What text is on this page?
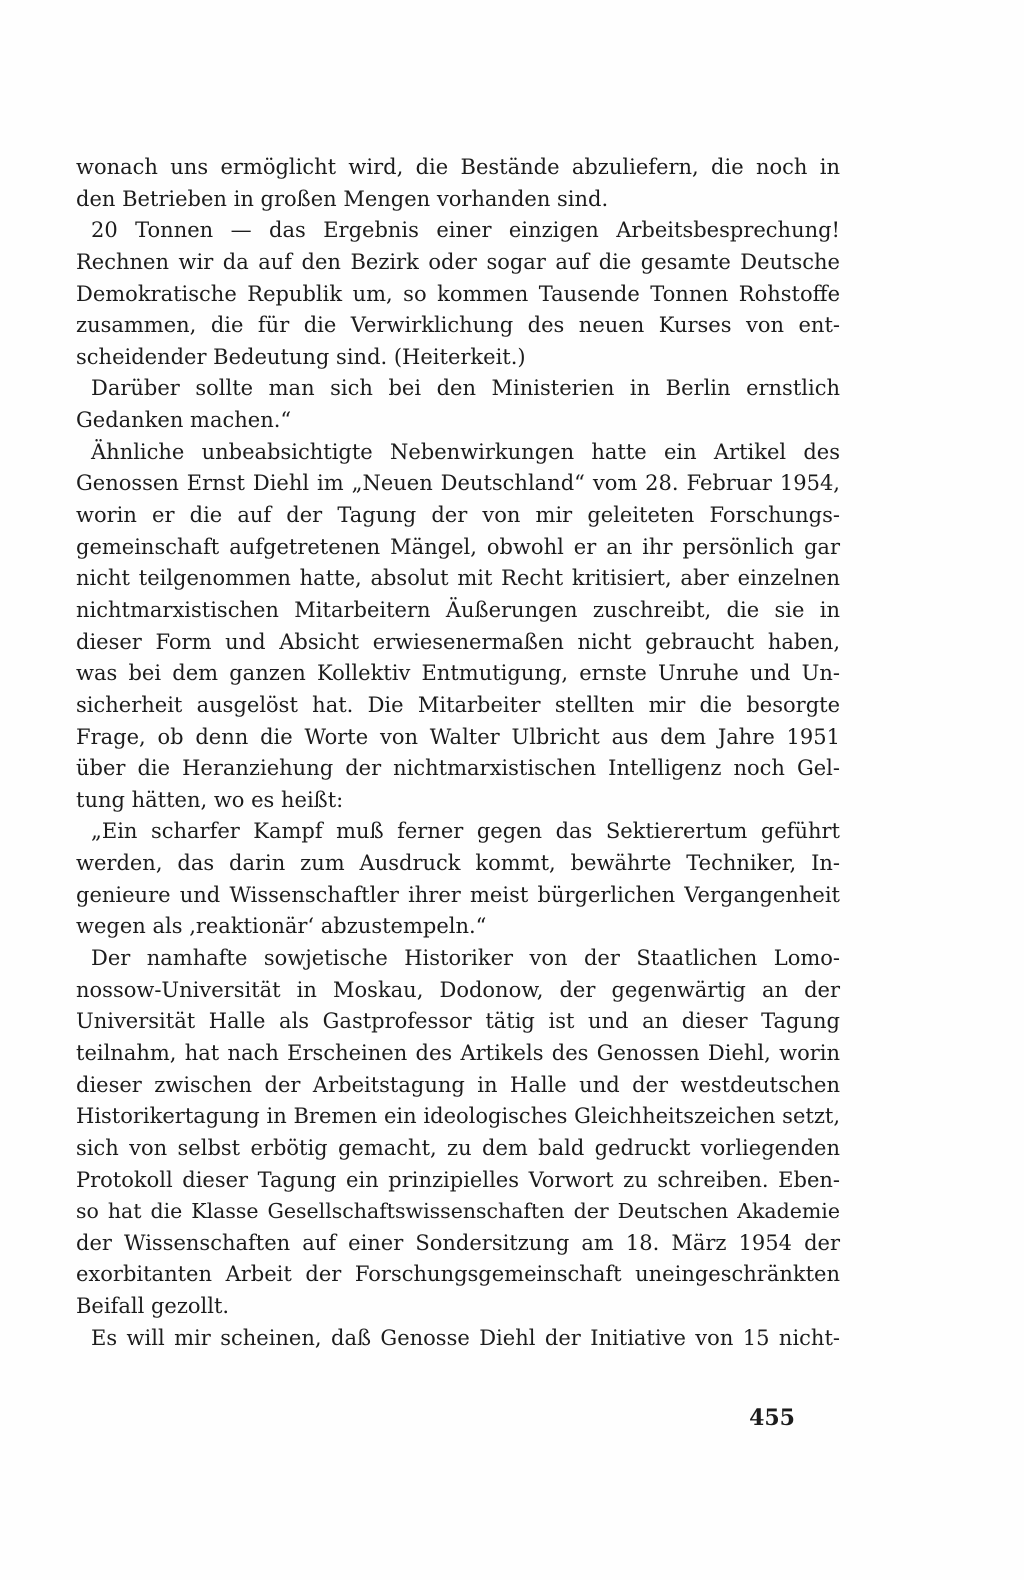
wonach uns ermöglicht wird, die Bestände abzuliefern, die noch in
den Betrieben in großen Mengen vorhanden sind.
20 Tonnen — das Ergebnis einer einzigen Arbeitsbesprechung!
Rechnen wir da auf den Bezirk oder sogar auf die gesamte Deutsche
Demokratische Republik um, so kommen Tausende Tonnen Rohstoffe
zusammen, die für die Verwirklichung des neuen Kurses von ent-
scheidender Bedeutung sind. (Heiterkeit.)
Darüber sollte man sich bei den Ministerien in Berlin ernstlich
Gedanken machen.“
Ähnliche unbeabsichtigte Nebenwirkungen hatte ein Artikel des
Genossen Ernst Diehl im „Neuen Deutschland“ vom 28. Februar 1954,
worin er die auf der Tagung der von mir geleiteten Forschungs-
gemeinschaft aufgetretenen Mängel, obwohl er an ihr persönlich gar
nicht teilgenommen hatte, absolut mit Recht kritisiert, aber einzelnen
nichtmarxistischen Mitarbeitern Äußerungen zuschreibt, die sie in
dieser Form und Absicht erwiesenermaßen nicht gebraucht haben,
was bei dem ganzen Kollektiv Entmutigung, ernste Unruhe und Un-
sicherheit ausgelöst hat. Die Mitarbeiter stellten mir die besorgte
Frage, ob denn die Worte von Walter Ulbricht aus dem Jahre 1951
über die Heranziehung der nichtmarxistischen Intelligenz noch Gel-
tung hätten, wo es heißt:
„Ein scharfer Kampf muß ferner gegen das Sektierertum geführt
werden, das darin zum Ausdruck kommt, bewährte Techniker, In-
genieure und Wissenschaftler ihrer meist bürgerlichen Vergangenheit
wegen als ‚reaktionär‘ abzustempeln.“
Der namhafte sowjetische Historiker von der Staatlichen Lomo-
nossow-Universität in Moskau, Dodonow, der gegenwärtig an der
Universität Halle als Gastprofessor tätig ist und an dieser Tagung
teilnahm, hat nach Erscheinen des Artikels des Genossen Diehl, worin
dieser zwischen der Arbeitstagung in Halle und der westdeutschen
Historikertagung in Bremen ein ideologisches Gleichheitszeichen setzt,
sich von selbst erbötig gemacht, zu dem bald gedruckt vorliegenden
Protokoll dieser Tagung ein prinzipielles Vorwort zu schreiben. Eben-
so hat die Klasse Gesellschaftswissenschaften der Deutschen Akademie
der Wissenschaften auf einer Sondersitzung am 18. März 1954 der
exorbitanten Arbeit der Forschungsgemeinschaft uneingeschränkten
Beifall gezollt.
Es will mir scheinen, daß Genosse Diehl der Initiative von 15 nicht-
455
